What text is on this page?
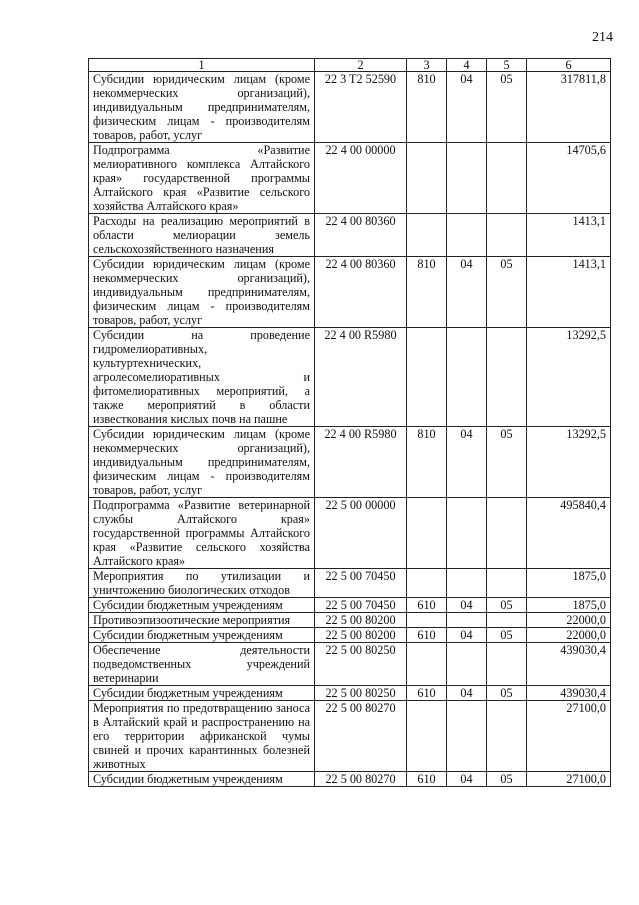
214
1	2	3	4	5	6
Субсидии юридическим лицам (кроме некоммерческих организаций), индивидуальным предпринимателям, физическим лицам - производителям товаров, работ, услуг	22 3 T2 52590	810	04	05	317811,8
Подпрограмма «Развитие мелиоративного комплекса Алтайского края» государственной программы Алтайского края «Развитие сельского хозяйства Алтайского края»	22 4 00 00000				14705,6
Расходы на реализацию мероприятий в области мелиорации земель сельскохозяйственного назначения	22 4 00 80360				1413,1
Субсидии юридическим лицам (кроме некоммерческих организаций), индивидуальным предпринимателям, физическим лицам - производителям товаров, работ, услуг	22 4 00 80360	810	04	05	1413,1
Субсидии на проведение гидромелиоративных, культуртехнических, агролесомелиоративных и фитомелиоративных мероприятий, а также мероприятий в области известкования кислых почв на пашне	22 4 00 R5980				13292,5
Субсидии юридическим лицам (кроме некоммерческих организаций), индивидуальным предпринимателям, физическим лицам - производителям товаров, работ, услуг	22 4 00 R5980	810	04	05	13292,5
Подпрограмма «Развитие ветеринарной службы Алтайского края» государственной программы Алтайского края «Развитие сельского хозяйства Алтайского края»	22 5 00 00000				495840,4
Мероприятия по утилизации и уничтожению биологических отходов	22 5 00 70450				1875,0
Субсидии бюджетным учреждениям	22 5 00 70450	610	04	05	1875,0
Противоэпизоотические мероприятия	22 5 00 80200				22000,0
Субсидии бюджетным учреждениям	22 5 00 80200	610	04	05	22000,0
Обеспечение деятельности подведомственных учреждений ветеринарии	22 5 00 80250				439030,4
Субсидии бюджетным учреждениям	22 5 00 80250	610	04	05	439030,4
Мероприятия по предотвращению заноса в Алтайский край и распространению на его территории африканской чумы свиней и прочих карантинных болезней животных	22 5 00 80270				27100,0
Субсидии бюджетным учреждениям	22 5 00 80270	610	04	05	27100,0
